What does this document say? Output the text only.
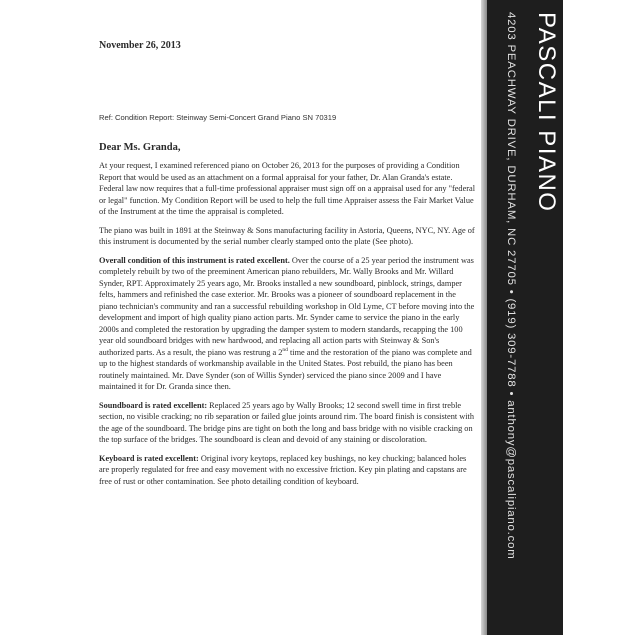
PASCALI PIANO
4203 PEACHWAY DRIVE, DURHAM, NC 27705 • (919) 309-7788 • anthony@pascalipiano.com

November 26, 2013

Ref: Condition Report: Steinway Semi-Concert Grand Piano SN 70319

Dear Ms. Granda,

At your request, I examined referenced piano on October 26, 2013 for the purposes of providing a Condition Report that would be used as an attachment on a formal appraisal for your father, Dr. Alan Granda's estate. Federal law now requires that a full-time professional appraiser must sign off on a appraisal used for any "federal or legal" function. My Condition Report will be used to help the full time Appraiser assess the Fair Market Value of the Instrument at the time the appraisal is completed.

The piano was built in 1891 at the Steinway & Sons manufacturing facility in Astoria, Queens, NYC, NY. Age of this instrument is documented by the serial number clearly stamped onto the plate (See photo).

Overall condition of this instrument is rated excellent. Over the course of a 25 year period the instrument was completely rebuilt by two of the preeminent American piano rebuilders, Mr. Wally Brooks and Mr. Willard Synder, RPT. Approximately 25 years ago, Mr. Brooks installed a new soundboard, pinblock, strings, damper felts, hammers and refinished the case exterior. Mr. Brooks was a pioneer of soundboard replacement in the piano technician's community and ran a successful rebuilding workshop in Old Lyme, CT before moving into the development and import of high quality piano action parts. Mr. Synder came to service the piano in the early 2000s and completed the restoration by upgrading the damper system to modern standards, recapping the 100 year old soundboard bridges with new hardwood, and replacing all action parts with Steinway & Son's authorized parts. As a result, the piano was restrung a 2nd time and the restoration of the piano was complete and up to the highest standards of workmanship available in the United States. Post rebuild, the piano has been routinely maintained. Mr. Dave Synder (son of Willis Synder) serviced the piano since 2009 and I have maintained it for Dr. Granda since then.

Soundboard is rated excellent: Replaced 25 years ago by Wally Brooks; 12 second swell time in first treble section, no visible cracking; no rib separation or failed glue joints around rim. The board finish is consistent with the age of the soundboard. The bridge pins are tight on both the long and bass bridge with no visible cracking on the top surface of the bridges. The soundboard is clean and devoid of any staining or discoloration.

Keyboard is rated excellent: Original ivory keytops, replaced key bushings, no key chucking; balanced holes are properly regulated for free and easy movement with no excessive friction. Key pin plating and capstans are free of rust or other contamination. See photo detailing condition of keyboard.
